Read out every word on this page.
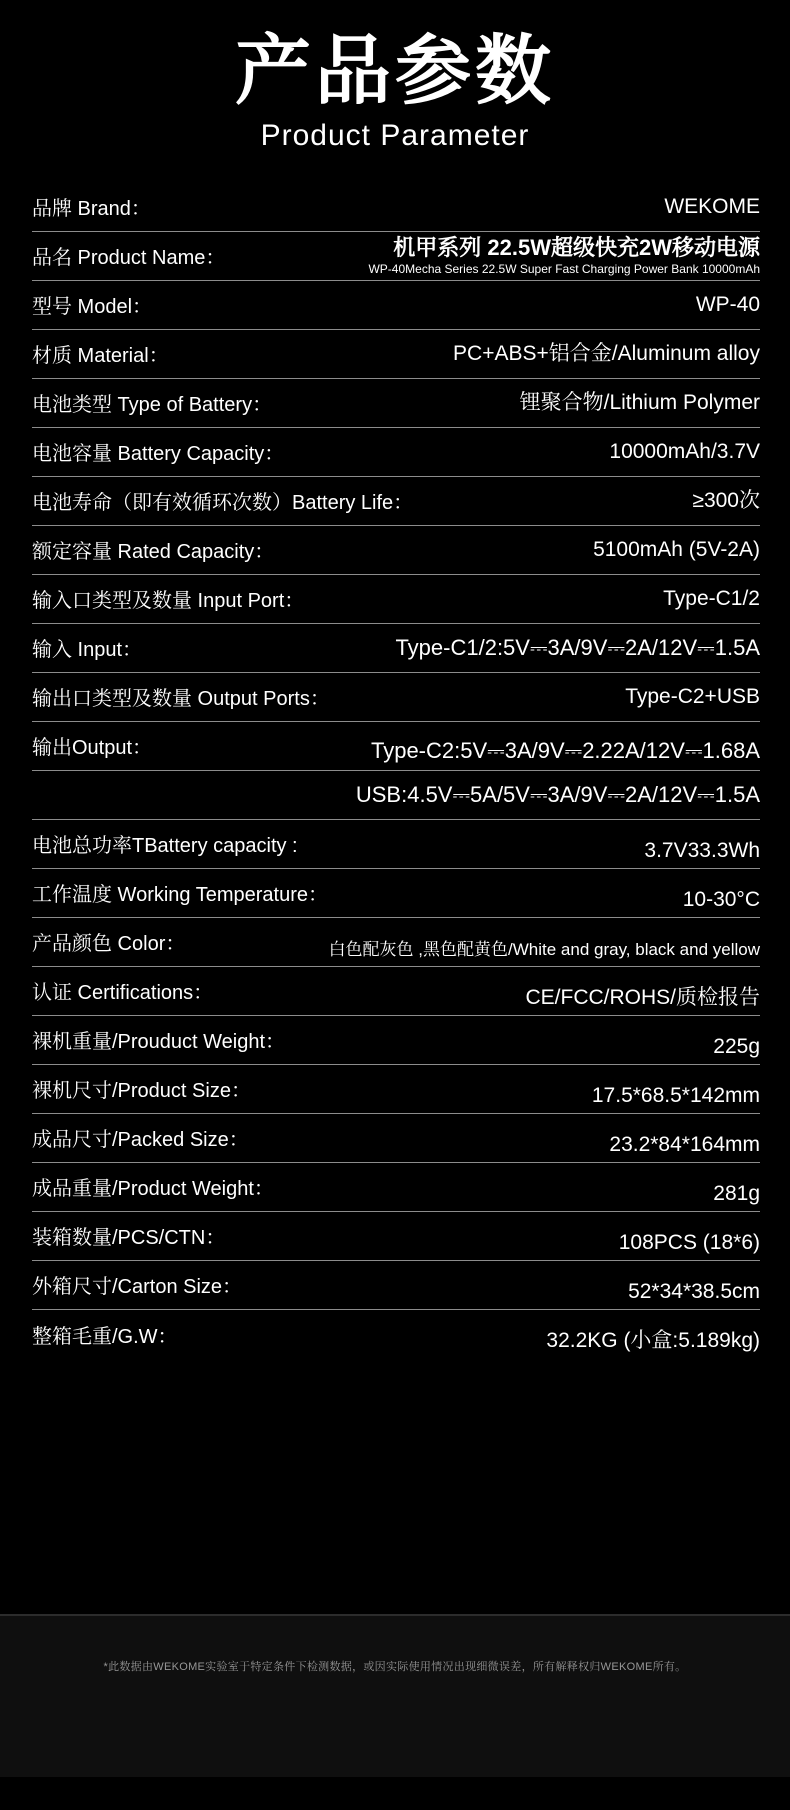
产品参数
Product Parameter
品牌 Brand：	WEKOME
品名 Product Name：	机甲系列 22.5W超级快充2W移动电源
WP-40Mecha Series 22.5W Super Fast Charging Power Bank 10000mAh
型号 Model：	WP-40
材质 Material：	PC+ABS+铝合金/Aluminum alloy
电池类型 Type of Battery：	锂聚合物/Lithium Polymer
电池容量 Battery Capacity：	10000mAh/3.7V
电池寿命（即有效循环次数）Battery Life：	≥300次
额定容量 Rated Capacity：	5100mAh (5V-2A)
输入口类型及数量 Input Port：	Type-C1/2
输入 Input：	Type-C1/2:5V⎓3A/9V⎓2A/12V⎓1.5A
输出口类型及数量 Output Ports：	Type-C2+USB
输出Output：	Type-C2:5V⎓3A/9V⎓2.22A/12V⎓1.68A
USB:4.5V⎓5A/5V⎓3A/9V⎓2A/12V⎓1.5A
电池总功率TBattery capacity :	3.7V33.3Wh
工作温度 Working Temperature：	10-30°C
产品颜色 Color：	白色配灰色 ,黑色配黄色/White and gray, black and yellow
认证 Certifications：	CE/FCC/ROHS/质检报告
裸机重量/Prouduct Weight：	225g
裸机尺寸/Product Size：	17.5*68.5*142mm
成品尺寸/Packed Size：	23.2*84*164mm
成品重量/Product Weight：	281g
装箱数量/PCS/CTN：	108PCS (18*6)
外箱尺寸/Carton Size：	52*34*38.5cm
整箱毛重/G.W：	32.2KG (小盒:5.189kg)
*此数据由WEKOME实验室于特定条件下检测数据，或因实际使用情况出现细微误差，所有解释权归WEKOME所有。
